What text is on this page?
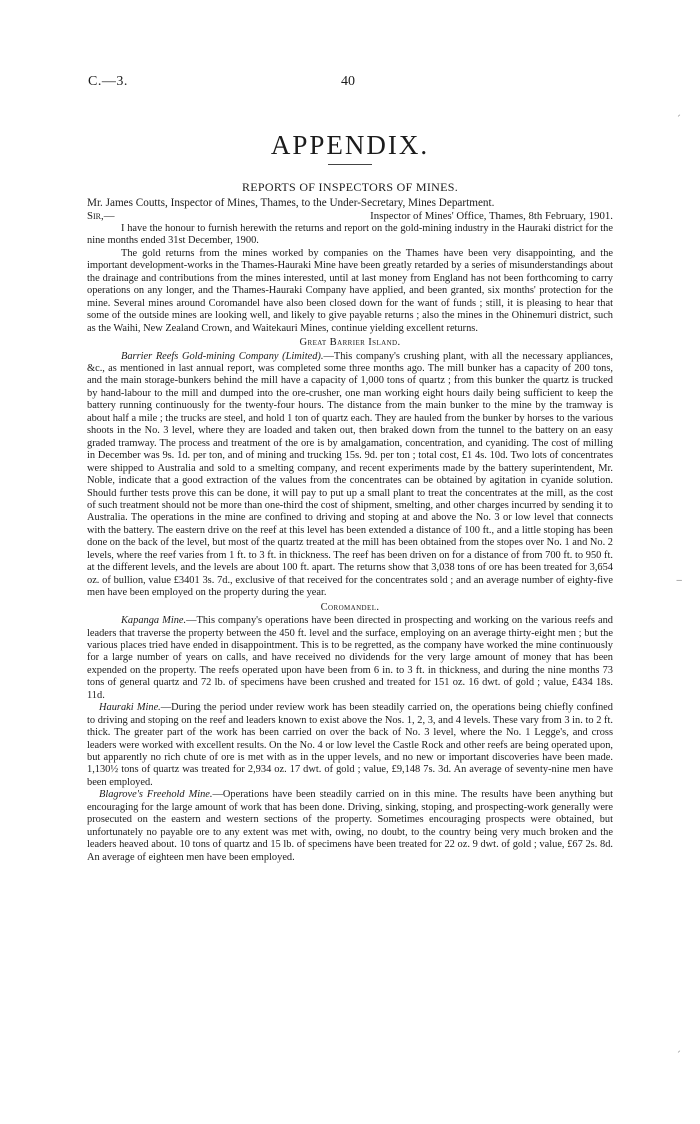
C.—3.	40
APPENDIX.
REPORTS OF INSPECTORS OF MINES.

Mr. James Coutts, Inspector of Mines, Thames, to the Under-Secretary, Mines Department.

Sir,—	Inspector of Mines' Office, Thames, 8th February, 1901.

I have the honour to furnish herewith the returns and report on the gold-mining industry in the Hauraki district for the nine months ended 31st December, 1900.

The gold returns from the mines worked by companies on the Thames have been very disappointing, and the important development-works in the Thames-Hauraki Mine have been greatly retarded by a series of misunderstandings about the drainage and contributions from the mines interested, until at last money from England has not been forthcoming to carry operations on any longer, and the Thames-Hauraki Company have applied, and been granted, six months' protection for the mine. Several mines around Coromandel have also been closed down for the want of funds ; still, it is pleasing to hear that some of the outside mines are looking well, and likely to give payable returns ; also the mines in the Ohinemuri district, such as the Waihi, New Zealand Crown, and Waitekauri Mines, continue yielding excellent returns.

Great Barrier Island.

Barrier Reefs Gold-mining Company (Limited).—This company's crushing plant, with all the necessary appliances, &c., as mentioned in last annual report, was completed some three months ago. The mill bunker has a capacity of 200 tons, and the main storage-bunkers behind the mill have a capacity of 1,000 tons of quartz ; from this bunker the quartz is trucked by hand-labour to the mill and dumped into the ore-crusher, one man working eight hours daily being sufficient to keep the battery running continuously for the twenty-four hours. The distance from the main bunker to the mine by the tramway is about half a mile ; the trucks are steel, and hold 1 ton of quartz each. They are hauled from the bunker by horses to the various shoots in the No. 3 level, where they are loaded and taken out, then braked down from the tunnel to the battery on an easy graded tramway. The process and treatment of the ore is by amalgamation, concentration, and cyaniding. The cost of milling in December was 9s. 1d. per ton, and of mining and trucking 15s. 9d. per ton ; total cost, £1 4s. 10d. Two lots of concentrates were shipped to Australia and sold to a smelting company, and recent experiments made by the battery superintendent, Mr. Noble, indicate that a good extraction of the values from the concentrates can be obtained by agitation in cyanide solution. Should further tests prove this can be done, it will pay to put up a small plant to treat the concentrates at the mill, as the cost of such treatment should not be more than one-third the cost of shipment, smelting, and other charges incurred by sending it to Australia. The operations in the mine are confined to driving and stoping at and above the No. 3 or low level that connects with the battery. The eastern drive on the reef at this level has been extended a distance of 100 ft., and a little stoping has been done on the back of the level, but most of the quartz treated at the mill has been obtained from the stopes over No. 1 and No. 2 levels, where the reef varies from 1 ft. to 3 ft. in thickness. The reef has been driven on for a distance of from 700 ft. to 950 ft. at the different levels, and the levels are about 100 ft. apart. The returns show that 3,038 tons of ore has been treated for 3,654 oz. of bullion, value £3401 3s. 7d., exclusive of that received for the concentrates sold ; and an average number of eighty-five men have been employed on the property during the year.

Coromandel.

Kapanga Mine.—This company's operations have been directed in prospecting and working on the various reefs and leaders that traverse the property between the 450 ft. level and the surface, employing on an average thirty-eight men ; but the various places tried have ended in disappointment. This is to be regretted, as the company have worked the mine continuously for a large number of years on calls, and have received no dividends for the very large amount of money that has been expended on the property. The reefs operated upon have been from 6 in. to 3 ft. in thickness, and during the nine months 73 tons of general quartz and 72 lb. of specimens have been crushed and treated for 151 oz. 16 dwt. of gold ; value, £434 18s. 11d.

Hauraki Mine.—During the period under review work has been steadily carried on, the operations being chiefly confined to driving and stoping on the reef and leaders known to exist above the Nos. 1, 2, 3, and 4 levels. These vary from 3 in. to 2 ft. thick. The greater part of the work has been carried on over the back of No. 3 level, where the No. 1 Legge's, and cross leaders were worked with excellent results. On the No. 4 or low level the Castle Rock and other reefs are being operated upon, but apparently no rich chute of ore is met with as in the upper levels, and no new or important discoveries have been made. 1,130½ tons of quartz was treated for 2,934 oz. 17 dwt. of gold ; value, £9,148 7s. 3d. An average of seventy-nine men have been employed.

Blagrove's Freehold Mine.—Operations have been steadily carried on in this mine. The results have been anything but encouraging for the large amount of work that has been done. Driving, sinking, stoping, and prospecting-work generally were prosecuted on the eastern and western sections of the property. Sometimes encouraging prospects were obtained, but unfortunately no payable ore to any extent was met with, owing, no doubt, to the country being very much broken and the leaders heaved about. 10 tons of quartz and 15 lb. of specimens have been treated for 22 oz. 9 dwt. of gold ; value, £67 2s. 8d. An average of eighteen men have been employed.

ˏ
‒
ˏ
